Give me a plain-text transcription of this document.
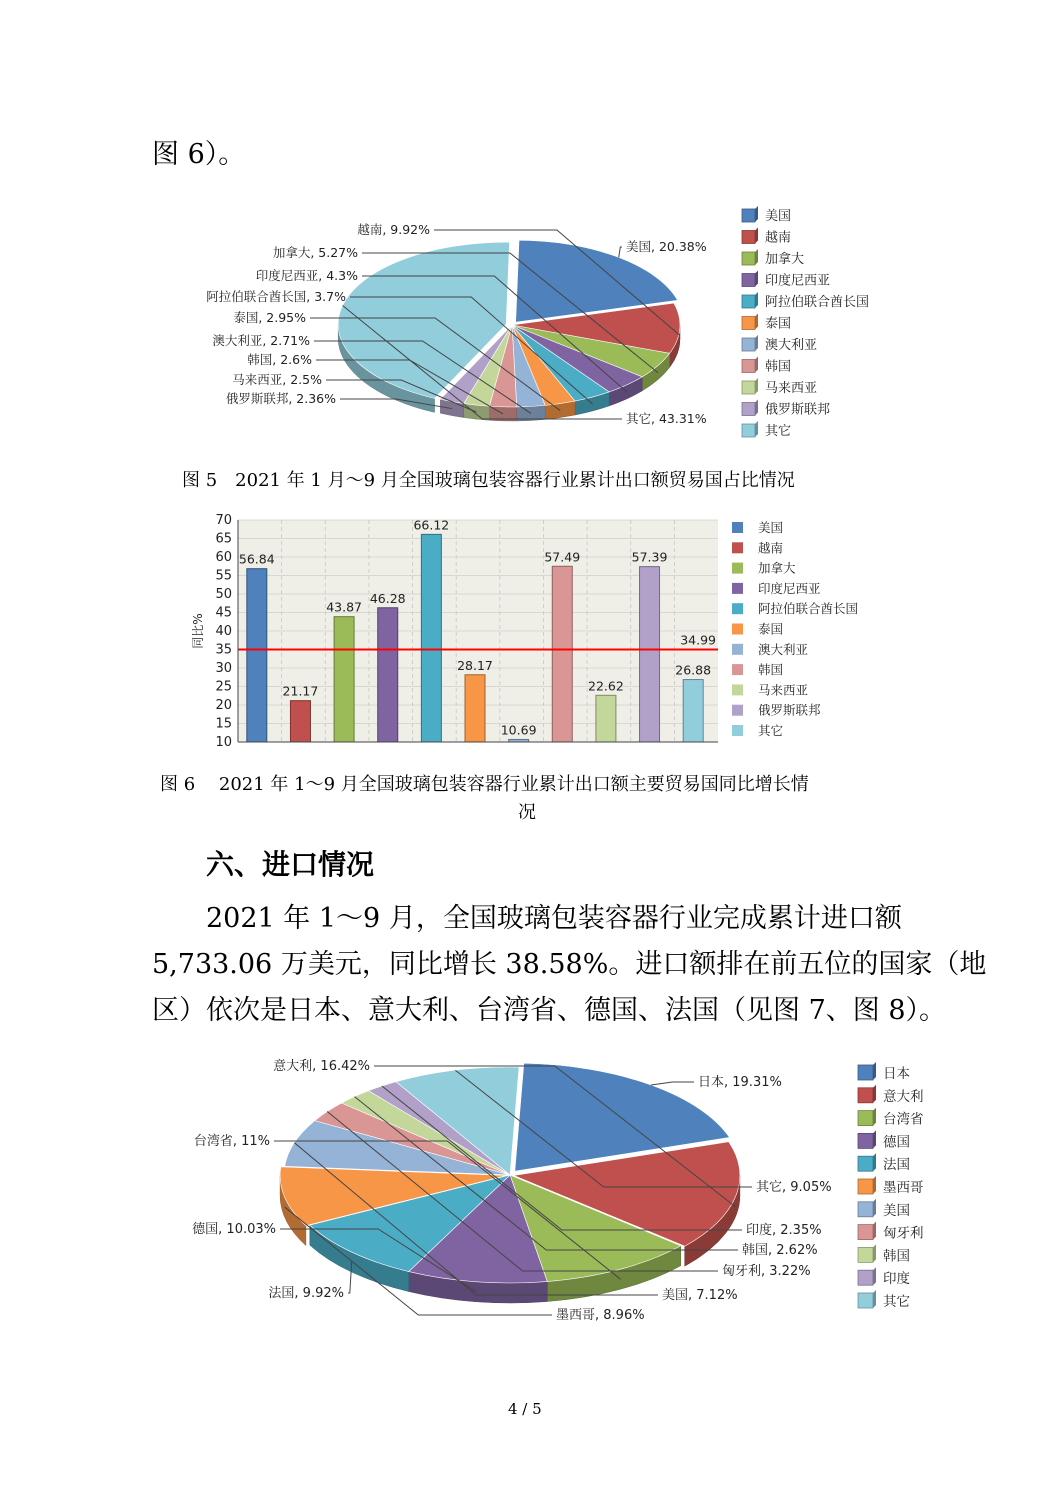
图 6）。
美国, 20.38%
越南, 9.92%
加拿大, 5.27%
印度尼西亚, 4.3%
阿拉伯联合酋长国, 3.7%
泰国, 2.95%
澳大利亚, 2.71%
韩国, 2.6%
马来西亚, 2.5%
俄罗斯联邦, 2.36%
其它, 43.31%
美国
越南
加拿大
印度尼西亚
阿拉伯联合酋长国
泰国
澳大利亚
韩国
马来西亚
俄罗斯联邦
其它
图 5　2021 年 1 月～9 月全国玻璃包装容器行业累计出口额贸易国占比情况
10
15
20
25
30
35
40
45
50
55
60
65
70
同比%
56.84
21.17
43.87
46.28
66.12
28.17
10.69
57.49
22.62
57.39
26.88
34.99
美国
越南
加拿大
印度尼西亚
阿拉伯联合酋长国
泰国
澳大利亚
韩国
马来西亚
俄罗斯联邦
其它
图 6　 2021 年 1～9 月全国玻璃包装容器行业累计出口额主要贸易国同比增长情
况
六、进口情况
2021 年 1～9 月，全国玻璃包装容器行业完成累计进口额
5,733.06 万美元，同比增长 38.58%。进口额排在前五位的国家（地
区）依次是日本、意大利、台湾省、德国、法国（见图 7、图 8）。
日本, 19.31%
意大利, 16.42%
台湾省, 11%
德国, 10.03%
法国, 9.92%
墨西哥, 8.96%
美国, 7.12%
匈牙利, 3.22%
韩国, 2.62%
印度, 2.35%
其它, 9.05%
日本
意大利
台湾省
德国
法国
墨西哥
美国
匈牙利
韩国
印度
其它
4 / 5
